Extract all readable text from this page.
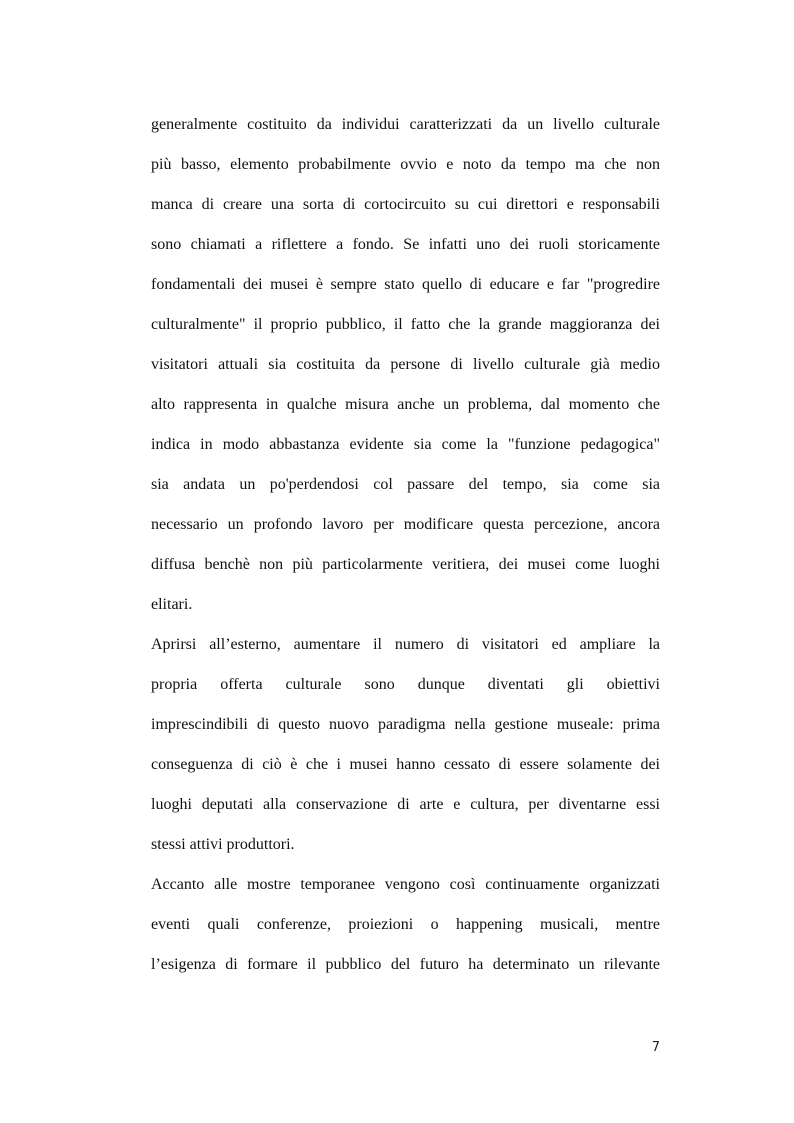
generalmente costituito da individui caratterizzati da un livello culturale
più basso, elemento probabilmente ovvio e noto da tempo ma che non
manca di creare una sorta di cortocircuito su cui direttori e responsabili
sono chiamati a riflettere a fondo. Se infatti uno dei ruoli storicamente
fondamentali dei musei è sempre stato quello di educare e far "progredire
culturalmente" il proprio pubblico, il fatto che la grande maggioranza dei
visitatori attuali sia costituita da persone di livello culturale già medio
alto rappresenta in qualche misura anche un problema, dal momento che
indica in modo abbastanza evidente sia come la "funzione pedagogica"
sia andata un po'perdendosi col passare del tempo, sia come sia
necessario un profondo lavoro per modificare questa percezione, ancora
diffusa benchè non più particolarmente veritiera, dei musei come luoghi
elitari.
Aprirsi all’esterno, aumentare il numero di visitatori ed ampliare la
propria offerta culturale sono dunque diventati gli obiettivi
imprescindibili di questo nuovo paradigma nella gestione museale: prima
conseguenza di ciò è che i musei hanno cessato di essere solamente dei
luoghi deputati alla conservazione di arte e cultura, per diventarne essi
stessi attivi produttori.
Accanto alle mostre temporanee vengono così continuamente organizzati
eventi quali conferenze, proiezioni o happening musicali, mentre
l’esigenza di formare il pubblico del futuro ha determinato un rilevante
7
